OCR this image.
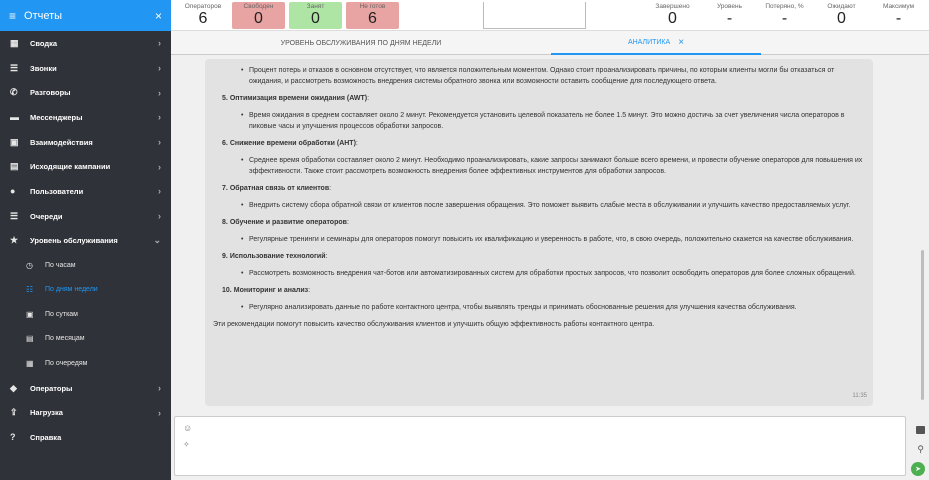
≡ Отчеты	×
▦	Сводка	›
☰	Звонки	›
✆	Разговоры	›
▬	Мессенджеры	›
▣	Взаимодействия	›
▤	Исходящие кампании	›
●	Пользователи	›
☰	Очереди	›
★	Уровень обслуживания	⌄
◷	По часам
☷	По дням недели
▣	По суткам
▤	По месяцам
▦	По очередям
◆	Операторы	›
⇪	Нагрузка	›
?	Справка
Операторов
6
Свободен
0
Занят
0
Не готов
6
Завершено
0
Уровень
-
Потеряно, %
-
Ожидают
0
Максимум
-
УРОВЕНЬ ОБСЛУЖИВАНИЯ ПО ДНЯМ НЕДЕЛИ	АНАЛИТИКА ×
• Процент потерь и отказов в основном отсутствует, что является положительным моментом. Однако стоит проанализировать причины, по которым клиенты могли бы отказаться от ожидания, и рассмотреть возможность внедрения системы обратного звонка или возможности оставить сообщение для последующего ответа.
5. Оптимизация времени ожидания (AWT):
• Время ожидания в среднем составляет около 2 минут. Рекомендуется установить целевой показатель не более 1.5 минут. Это можно достичь за счет увеличения числа операторов в пиковые часы и улучшения процессов обработки запросов.
6. Снижение времени обработки (AHT):
• Среднее время обработки составляет около 2 минут. Необходимо проанализировать, какие запросы занимают больше всего времени, и провести обучение операторов для повышения их эффективности. Также стоит рассмотреть возможность внедрения более эффективных инструментов для обработки запросов.
7. Обратная связь от клиентов:
• Внедрить систему сбора обратной связи от клиентов после завершения обращения. Это поможет выявить слабые места в обслуживании и улучшить качество предоставляемых услуг.
8. Обучение и развитие операторов:
• Регулярные тренинги и семинары для операторов помогут повысить их квалификацию и уверенность в работе, что, в свою очередь, положительно скажется на качестве обслуживания.
9. Использование технологий:
• Рассмотреть возможность внедрения чат-ботов или автоматизированных систем для обработки простых запросов, что позволит освободить операторов для более сложных обращений.
10. Мониторинг и анализ:
• Регулярно анализировать данные по работе контактного центра, чтобы выявлять тренды и принимать обоснованные решения для улучшения качества обслуживания.
Эти рекомендации помогут повысить качество обслуживания клиентов и улучшить общую эффективность работы контактного центра.
11:35
☺
✧	⚲
➤
